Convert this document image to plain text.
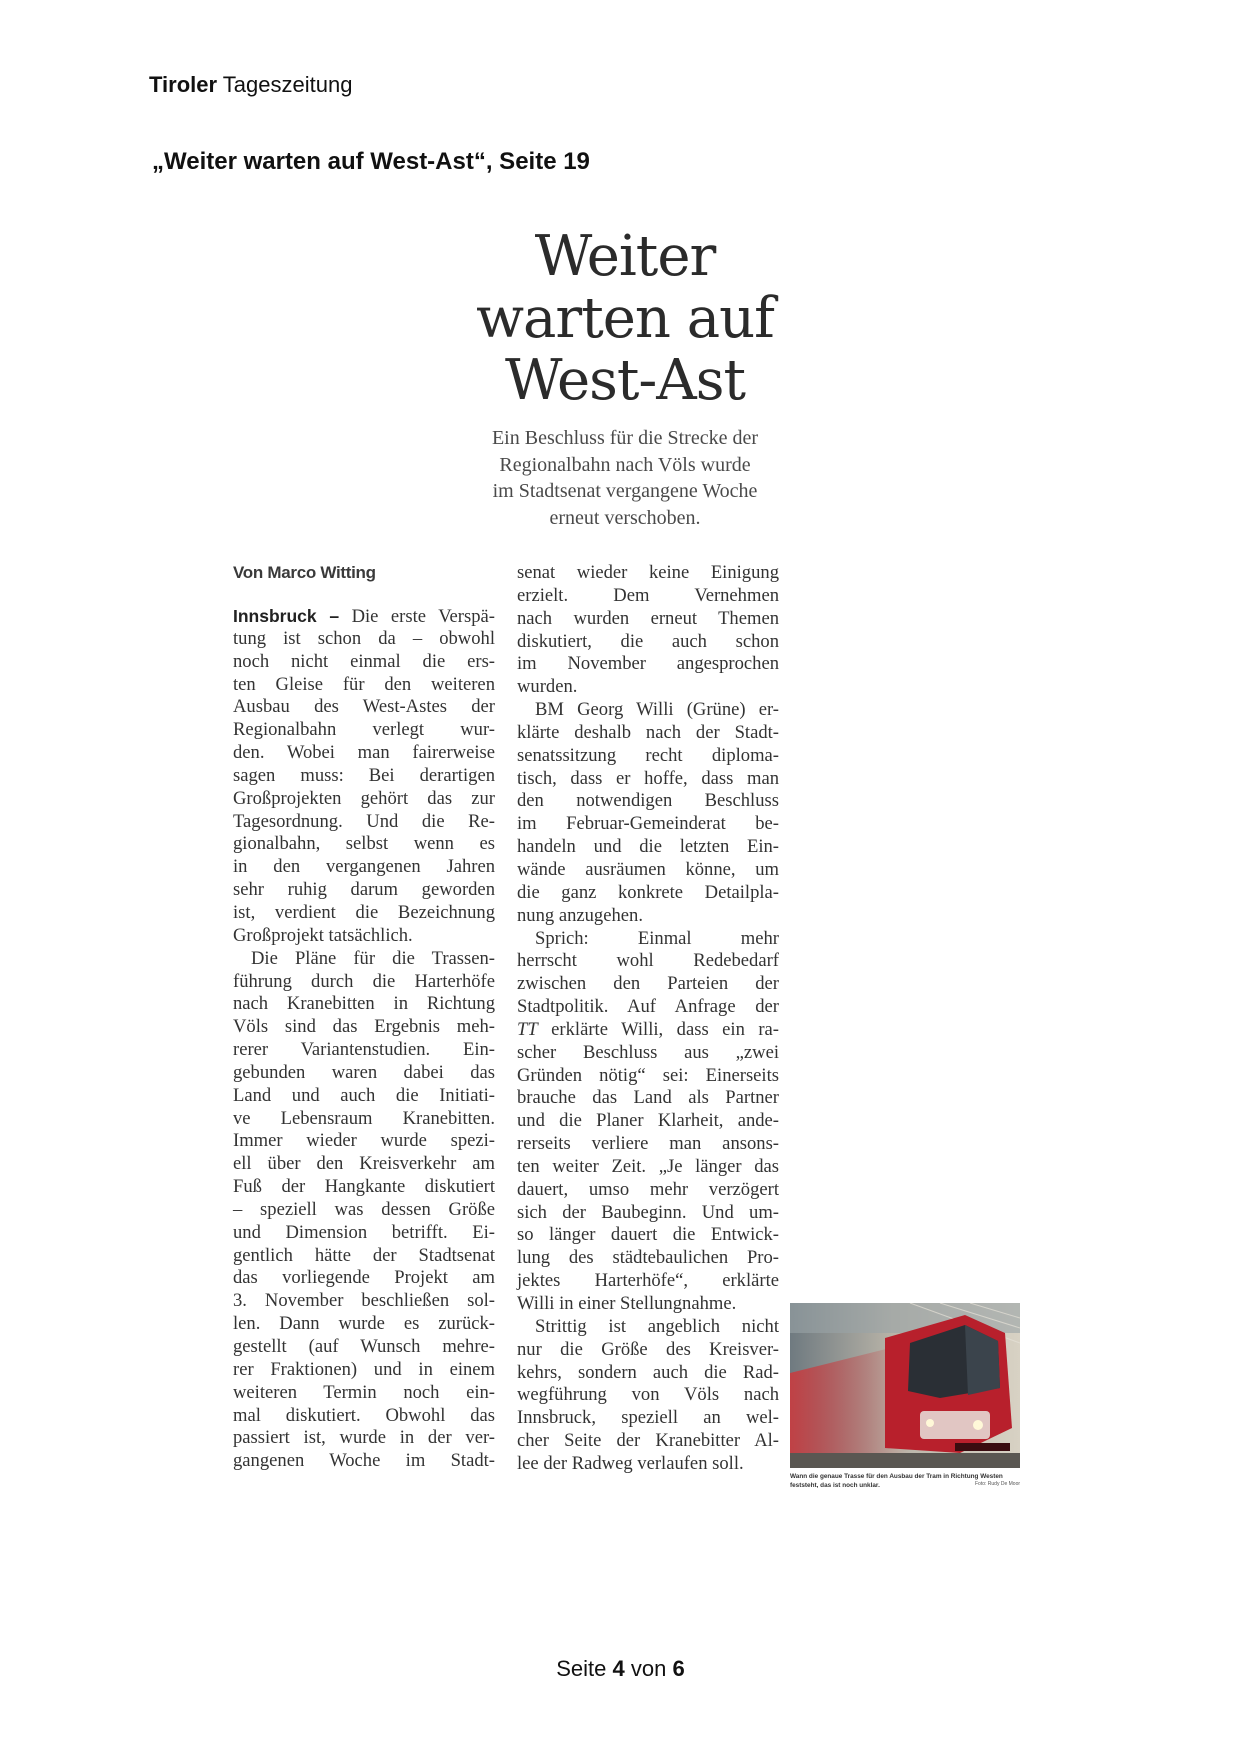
Tiroler Tageszeitung
„Weiter warten auf West-Ast“, Seite 19
Weiter
warten auf
West-Ast
Ein Beschluss für die Strecke der
Regionalbahn nach Völs wurde
im Stadtsenat vergangene Woche
erneut verschoben.
Von Marco Witting
Innsbruck – Die erste Verspä-
tung ist schon da – obwohl
noch nicht einmal die ers-
ten Gleise für den weiteren
Ausbau des West-Astes der
Regionalbahn verlegt wur-
den. Wobei man fairerweise
sagen muss: Bei derartigen
Großprojekten gehört das zur
Tagesordnung. Und die Re-
gionalbahn, selbst wenn es
in den vergangenen Jahren
sehr ruhig darum geworden
ist, verdient die Bezeichnung
Großprojekt tatsächlich.
Die Pläne für die Trassen-
führung durch die Harterhöfe
nach Kranebitten in Richtung
Völs sind das Ergebnis meh-
rerer Variantenstudien. Ein-
gebunden waren dabei das
Land und auch die Initiati-
ve Lebensraum Kranebitten.
Immer wieder wurde spezi-
ell über den Kreisverkehr am
Fuß der Hangkante diskutiert
– speziell was dessen Größe
und Dimension betrifft. Ei-
gentlich hätte der Stadtsenat
das vorliegende Projekt am
3. November beschließen sol-
len. Dann wurde es zurück-
gestellt (auf Wunsch mehre-
rer Fraktionen) und in einem
weiteren Termin noch ein-
mal diskutiert. Obwohl das
passiert ist, wurde in der ver-
gangenen Woche im Stadt-
senat wieder keine Einigung
erzielt. Dem Vernehmen
nach wurden erneut Themen
diskutiert, die auch schon
im November angesprochen
wurden.
BM Georg Willi (Grüne) er-
klärte deshalb nach der Stadt-
senatssitzung recht diploma-
tisch, dass er hoffe, dass man
den notwendigen Beschluss
im Februar-Gemeinderat be-
handeln und die letzten Ein-
wände ausräumen könne, um
die ganz konkrete Detailpla-
nung anzugehen.
Sprich: Einmal mehr
herrscht wohl Redebedarf
zwischen den Parteien der
Stadtpolitik. Auf Anfrage der
TT erklärte Willi, dass ein ra-
scher Beschluss aus „zwei
Gründen nötig“ sei: Einerseits
brauche das Land als Partner
und die Planer Klarheit, ande-
rerseits verliere man ansons-
ten weiter Zeit. „Je länger das
dauert, umso mehr verzögert
sich der Baubeginn. Und um-
so länger dauert die Entwick-
lung des städtebaulichen Pro-
jektes Harterhöfe“, erklärte
Willi in einer Stellungnahme.
Strittig ist angeblich nicht
nur die Größe des Kreisver-
kehrs, sondern auch die Rad-
wegführung von Völs nach
Innsbruck, speziell an wel-
cher Seite der Kranebitter Al-
lee der Radweg verlaufen soll.
Wann die genaue Trasse für den Ausbau der Tram in Richtung Westen feststeht, das ist noch unklar.	Foto: Rudy De Moor
Seite 4 von 6
